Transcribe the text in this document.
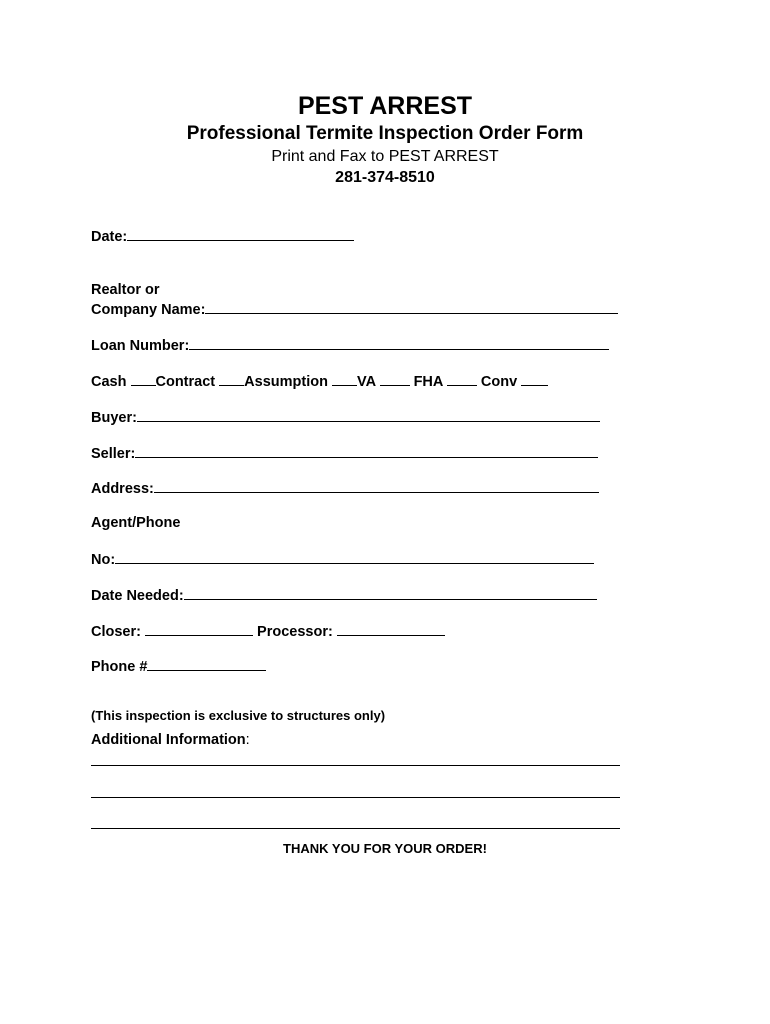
PEST ARREST
Professional Termite Inspection Order Form
Print and Fax to PEST ARREST
281-374-8510
Date:
Realtor or
Company Name:
Loan Number:
Cash Contract Assumption VA	FHA	Conv
Buyer:
Seller:
Address:
Agent/Phone
No:
Date Needed:
Closer:	Processor:
Phone #
(This inspection is exclusive to structures only)
Additional Information:
THANK YOU FOR YOUR ORDER!
